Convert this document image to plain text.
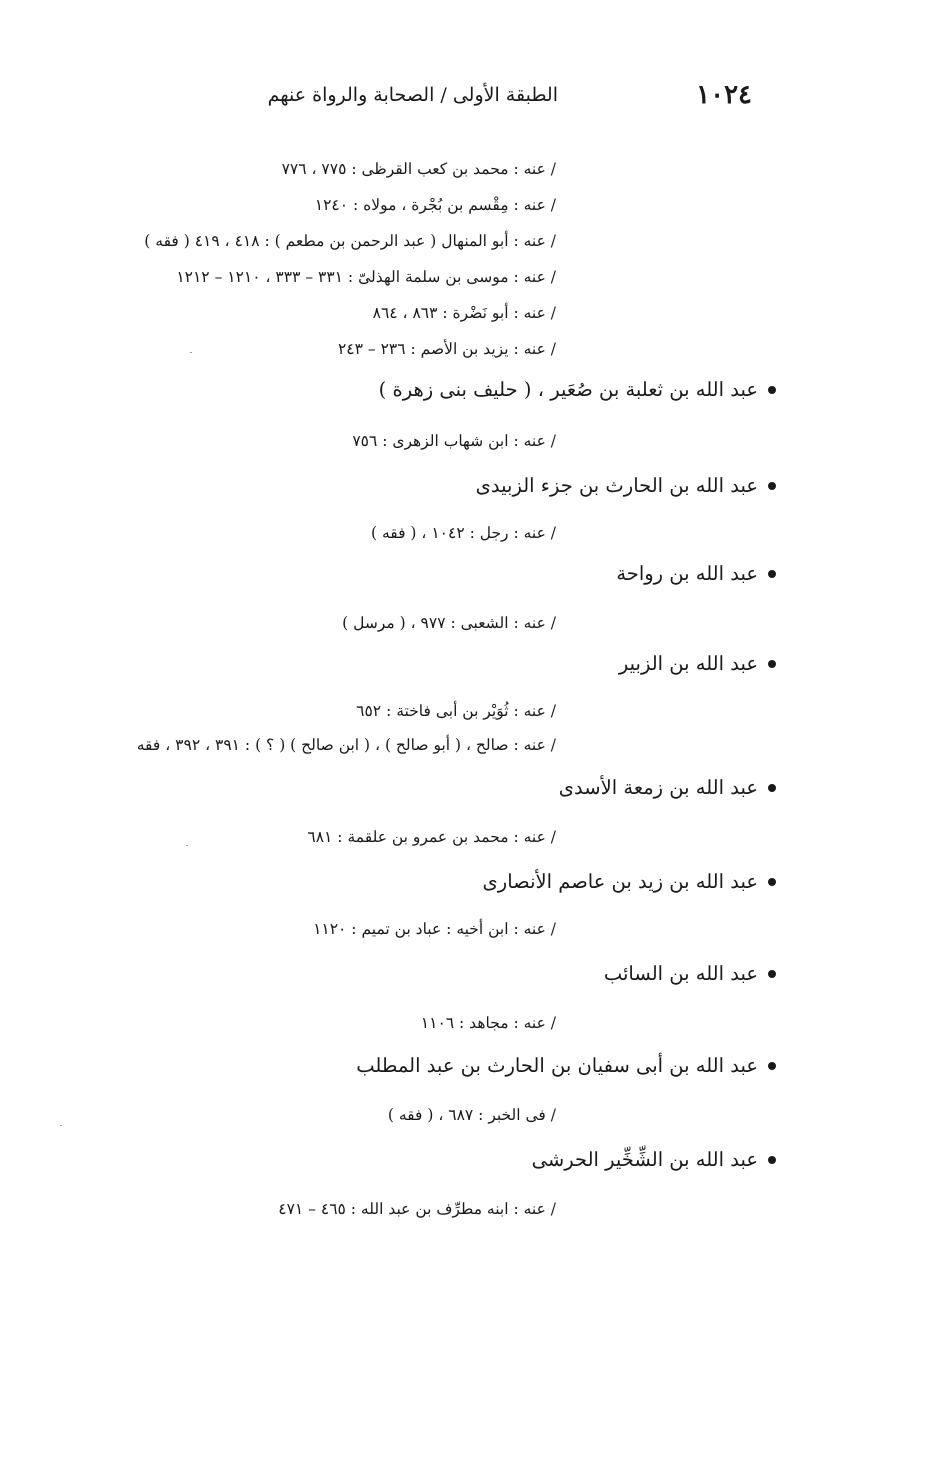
١٠٢٤
الطبقة الأولى / الصحابة والرواة عنهم
/ عنه : محمد بن كعب القرظى : ٧٧٥ ، ٧٧٦
/ عنه : مِقْسم بن بُجْرة ، مولاه : ١٢٤٠
/ عنه : أبو المنهال ( عبد الرحمن بن مطعم ) : ٤١٨ ، ٤١٩ ( فقه )
/ عنه : موسى بن سلمة الهذلىّ : ٣٣١ – ٣٣٣ ، ١٢١٠ – ١٢١٢
/ عنه : أبو نَضْرة : ٨٦٣ ، ٨٦٤
/ عنه : يزيد بن الأصم : ٢٣٦ – ٢٤٣
عبد الله بن ثعلبة بن صُعَير ، ( حليف بنى زهرة )
/ عنه : ابن شهاب الزهرى : ٧٥٦
عبد الله بن الحارث بن جزء الزبيدى
/ عنه : رجل : ١٠٤٢ ، ( فقه )
عبد الله بن رواحة
/ عنه : الشعبى : ٩٧٧ ، ( مرسل )
عبد الله بن الزبير
/ عنه : ثُوَيْر بن أبى فاختة : ٦٥٢
/ عنه : صالح ، ( أبو صالح ) ، ( ابن صالح ) ( ؟ ) : ٣٩١ ، ٣٩٢ ، فقه
عبد الله بن زمعة الأسدى
/ عنه : محمد بن عمرو بن علقمة : ٦٨١
عبد الله بن زيد بن عاصم الأنصارى
/ عنه : ابن أخيه : عباد بن تميم : ١١٢٠
عبد الله بن السائب
/ عنه : مجاهد : ١١٠٦
عبد الله بن أبى سفيان بن الحارث بن عبد المطلب
/ فى الخبر : ٦٨٧ ، ( فقه )
عبد الله بن الشِّخِّير الحرشى
/ عنه : ابنه مطرِّف بن عبد الله : ٤٦٥ – ٤٧١
